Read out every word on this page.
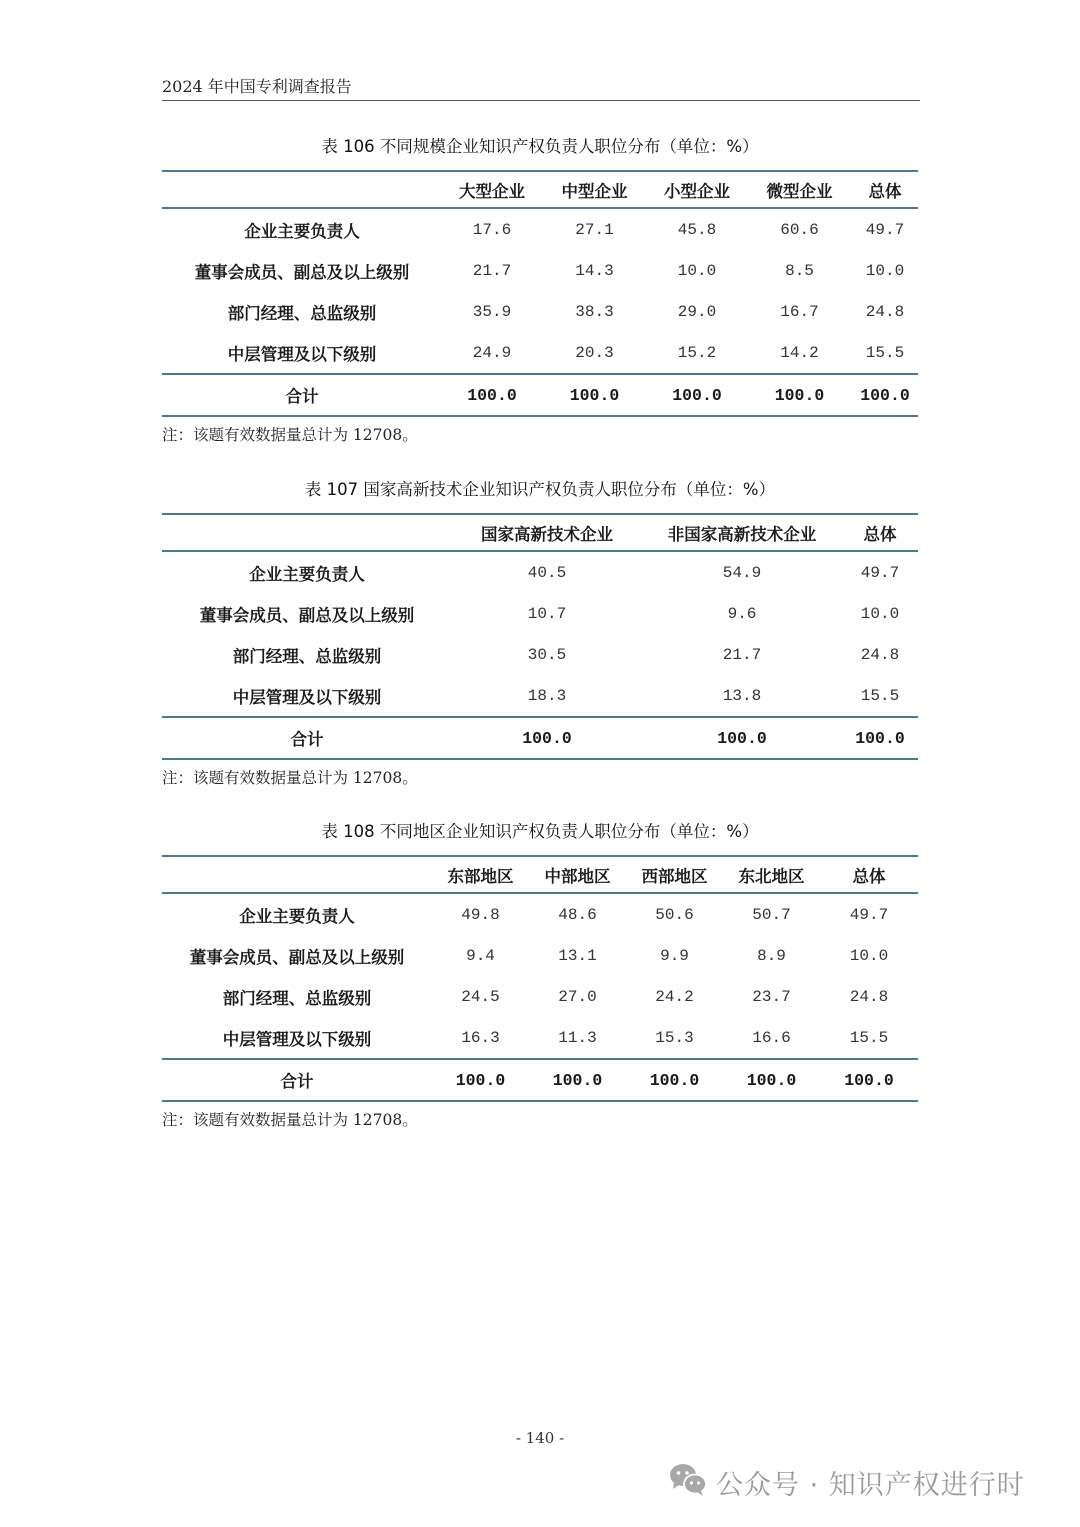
2024 年中国专利调查报告
表 106 不同规模企业知识产权负责人职位分布（单位：%）
	大型企业	中型企业	小型企业	微型企业	总体
企业主要负责人	17.6	27.1	45.8	60.6	49.7
董事会成员、副总及以上级别	21.7	14.3	10.0	8.5	10.0
部门经理、总监级别	35.9	38.3	29.0	16.7	24.8
中层管理及以下级别	24.9	20.3	15.2	14.2	15.5
合计	100.0	100.0	100.0	100.0	100.0
注：该题有效数据量总计为 12708。
表 107 国家高新技术企业知识产权负责人职位分布（单位：%）
	国家高新技术企业	非国家高新技术企业	总体
企业主要负责人	40.5	54.9	49.7
董事会成员、副总及以上级别	10.7	9.6	10.0
部门经理、总监级别	30.5	21.7	24.8
中层管理及以下级别	18.3	13.8	15.5
合计	100.0	100.0	100.0
注：该题有效数据量总计为 12708。
表 108 不同地区企业知识产权负责人职位分布（单位：%）
	东部地区	中部地区	西部地区	东北地区	总体
企业主要负责人	49.8	48.6	50.6	50.7	49.7
董事会成员、副总及以上级别	9.4	13.1	9.9	8.9	10.0
部门经理、总监级别	24.5	27.0	24.2	23.7	24.8
中层管理及以下级别	16.3	11.3	15.3	16.6	15.5
合计	100.0	100.0	100.0	100.0	100.0
注：该题有效数据量总计为 12708。
- 140 -
公众号 · 知识产权进行时
